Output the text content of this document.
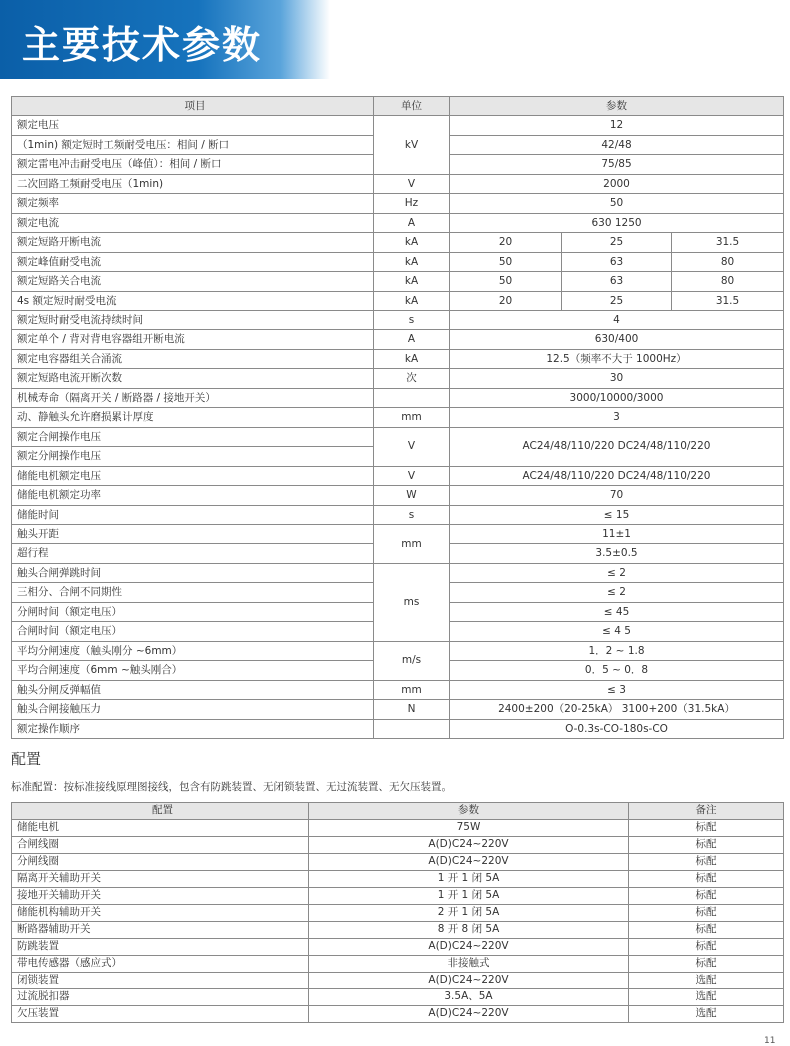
主要技术参数
项目	单位	参数		
额定电压	kV	12		
（1min) 额定短时工频耐受电压：相间 / 断口		42/48		
额定雷电冲击耐受电压（峰值）：相间 / 断口		75/85		
二次回路工频耐受电压（1min)	V	2000		
额定频率	Hz	50		
额定电流	A	630 1250		
额定短路开断电流	kA	20	25	31.5
额定峰值耐受电流	kA	50	63	80
额定短路关合电流	kA	50	63	80
4s 额定短时耐受电流	kA	20	25	31.5
额定短时耐受电流持续时间	s	4		
额定单个 / 背对背电容器组开断电流	A	630/400		
额定电容器组关合涌流	kA	12.5（频率不大于 1000Hz）		
额定短路电流开断次数	次	30		
机械寿命（隔离开关 / 断路器 / 接地开关）		3000/10000/3000		
动、静触头允许磨损累计厚度	mm	3		
额定合闸操作电压	V	AC24/48/110/220 DC24/48/110/220		
额定分闸操作电压				
储能电机额定电压	V	AC24/48/110/220 DC24/48/110/220		
储能电机额定功率	W	70		
储能时间	s	≤ 15		
触头开距	mm	11±1		
超行程		3.5±0.5		
触头合闸弹跳时间	ms	≤ 2		
三相分、合闸不同期性		≤ 2		
分闸时间（额定电压）		≤ 45		
合闸时间（额定电压）		≤ 4 5		
平均分闸速度（触头刚分 ~6mm）	m/s	1．2 ~ 1.8		
平均合闸速度（6mm ~触头刚合）		0．5 ~ 0．8		
触头分闸反弹幅值	mm	≤ 3		
触头合闸接触压力	N	2400±200（20-25kA） 3100+200（31.5kA）		
额定操作顺序		O-0.3s-CO-180s-CO		
配置
标准配置：按标准接线原理图接线，包含有防跳装置、无闭锁装置、无过流装置、无欠压装置。
配置	参数	备注
储能电机	75W	标配
合闸线圈	A(D)C24~220V	标配
分闸线圈	A(D)C24~220V	标配
隔离开关辅助开关	1 开 1 闭 5A	标配
接地开关辅助开关	1 开 1 闭 5A	标配
储能机构辅助开关	2 开 1 闭 5A	标配
断路器辅助开关	8 开 8 闭 5A	标配
防跳装置	A(D)C24~220V	标配
带电传感器（感应式）	非接触式	标配
闭锁装置	A(D)C24~220V	选配
过流脱扣器	3.5A、5A	选配
欠压装置	A(D)C24~220V	选配
11
